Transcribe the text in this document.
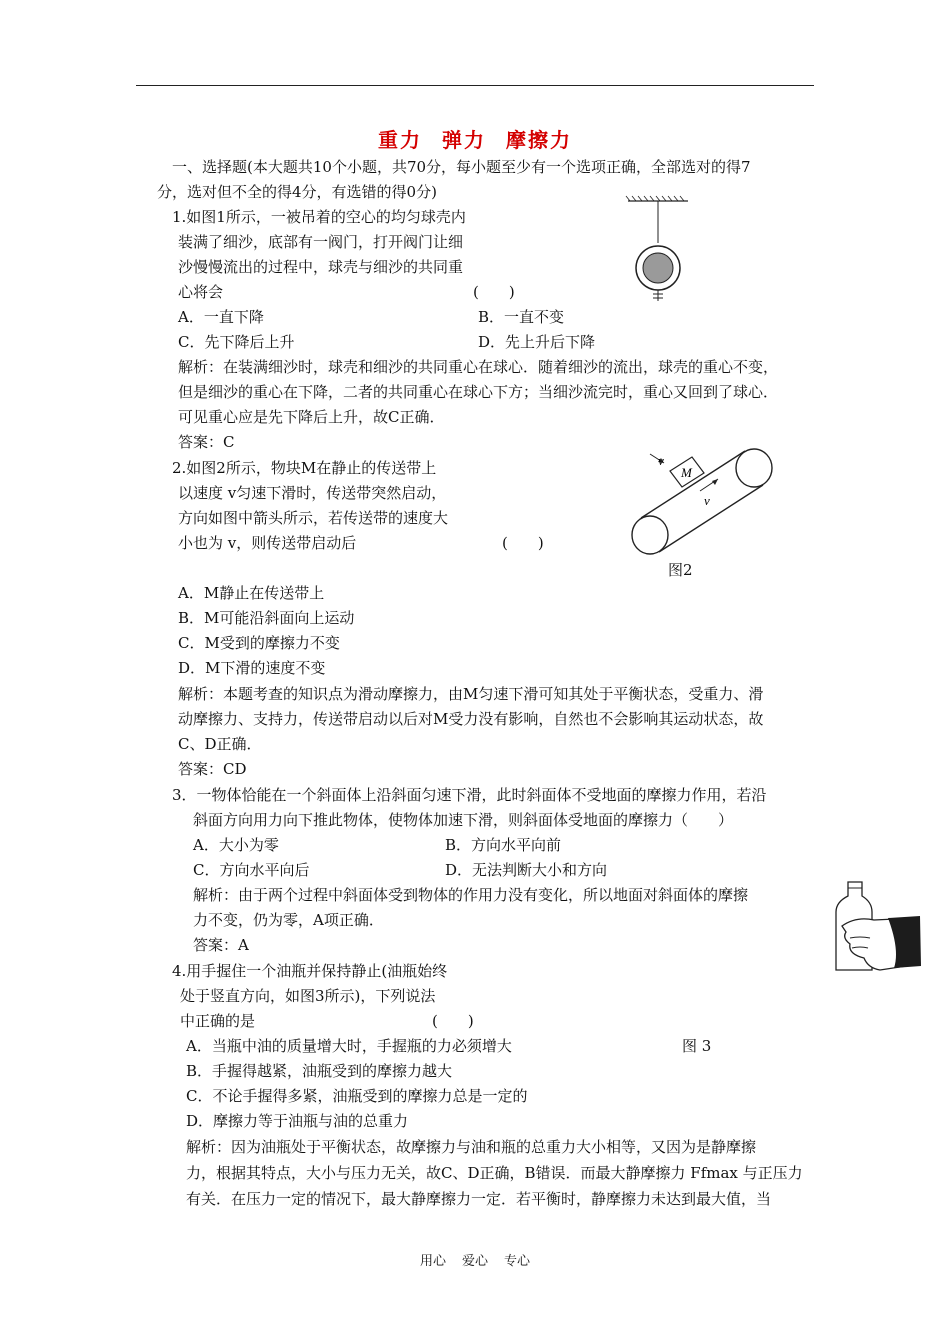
重力 弹力 摩擦力
一、选择题(本大题共10个小题，共70分，每小题至少有一个选项正确，全部选对的得7
分，选对但不全的得4分，有选错的得0分)
1.如图1所示，一被吊着的空心的均匀球壳内
装满了细沙，底部有一阀门，打开阀门让细
沙慢慢流出的过程中，球壳与细沙的共同重
心将会	(　　)
A．一直下降	B．一直不变
C．先下降后上升	D．先上升后下降
解析：在装满细沙时，球壳和细沙的共同重心在球心．随着细沙的流出，球壳的重心不变，
但是细沙的重心在下降，二者的共同重心在球心下方；当细沙流完时，重心又回到了球心．
可见重心应是先下降后上升，故C正确．
答案：C
2.如图2所示，物块M在静止的传送带上
以速度 v匀速下滑时，传送带突然启动，
方向如图中箭头所示，若传送带的速度大
小也为 v，则传送带启动后	(　　)
v
M
v
图2
A．M静止在传送带上
B．M可能沿斜面向上运动
C．M受到的摩擦力不变
D．M下滑的速度不变
解析：本题考查的知识点为滑动摩擦力，由M匀速下滑可知其处于平衡状态，受重力、滑
动摩擦力、支持力，传送带启动以后对M受力没有影响，自然也不会影响其运动状态，故
C、D正确．
答案：CD
3．一物体恰能在一个斜面体上沿斜面匀速下滑，此时斜面体不受地面的摩擦力作用，若沿
斜面方向用力向下推此物体，使物体加速下滑，则斜面体受地面的摩擦力（　　）
A．大小为零	B．方向水平向前
C．方向水平向后	D．无法判断大小和方向
解析：由于两个过程中斜面体受到物体的作用力没有变化，所以地面对斜面体的摩擦
力不变，仍为零，A项正确．
答案：A
4.用手握住一个油瓶并保持静止(油瓶始终
处于竖直方向，如图3所示)，下列说法
中正确的是	(　　)
A．当瓶中油的质量增大时，手握瓶的力必须增大	图 3
B．手握得越紧，油瓶受到的摩擦力越大
C．不论手握得多紧，油瓶受到的摩擦力总是一定的
D．摩擦力等于油瓶与油的总重力
解析：因为油瓶处于平衡状态，故摩擦力与油和瓶的总重力大小相等，又因为是静摩擦
力，根据其特点，大小与压力无关，故C、D正确，B错误．而最大静摩擦力 Ffmax 与正压力
有关．在压力一定的情况下，最大静摩擦力一定．若平衡时，静摩擦力未达到最大值，当
用心 爱心 专心
